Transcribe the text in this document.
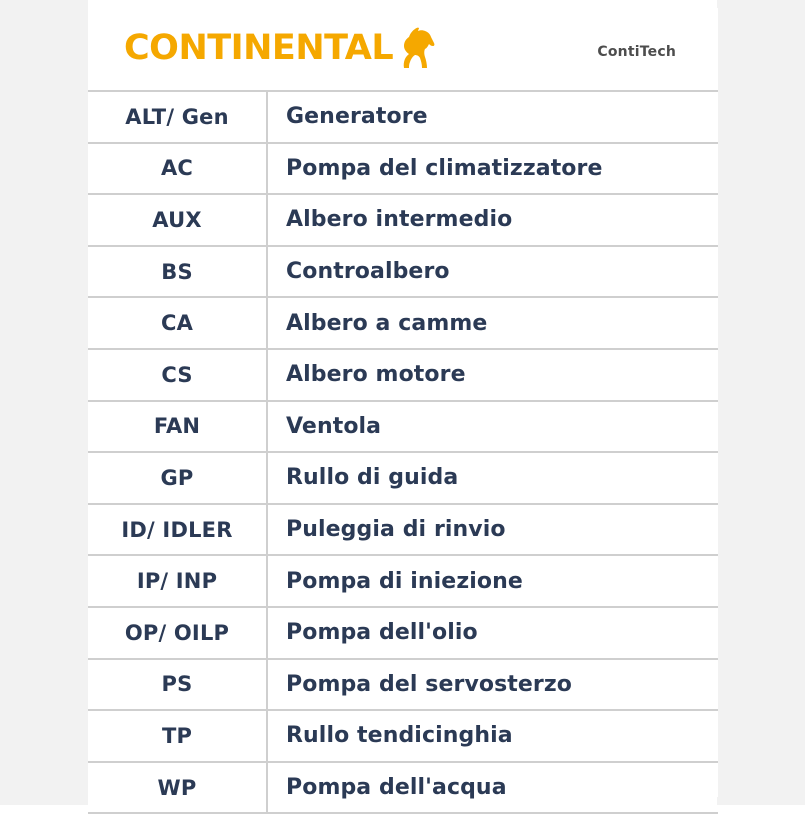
CONTINENTAL	ContiTech
ALT/ Gen	Generatore
AC	Pompa del climatizzatore
AUX	Albero intermedio
BS	Controalbero
CA	Albero a camme
CS	Albero motore
FAN	Ventola
GP	Rullo di guida
ID/ IDLER	Puleggia di rinvio
IP/ INP	Pompa di iniezione
OP/ OILP	Pompa dell'olio
PS	Pompa del servosterzo
TP	Rullo tendicinghia
WP	Pompa dell'acqua
